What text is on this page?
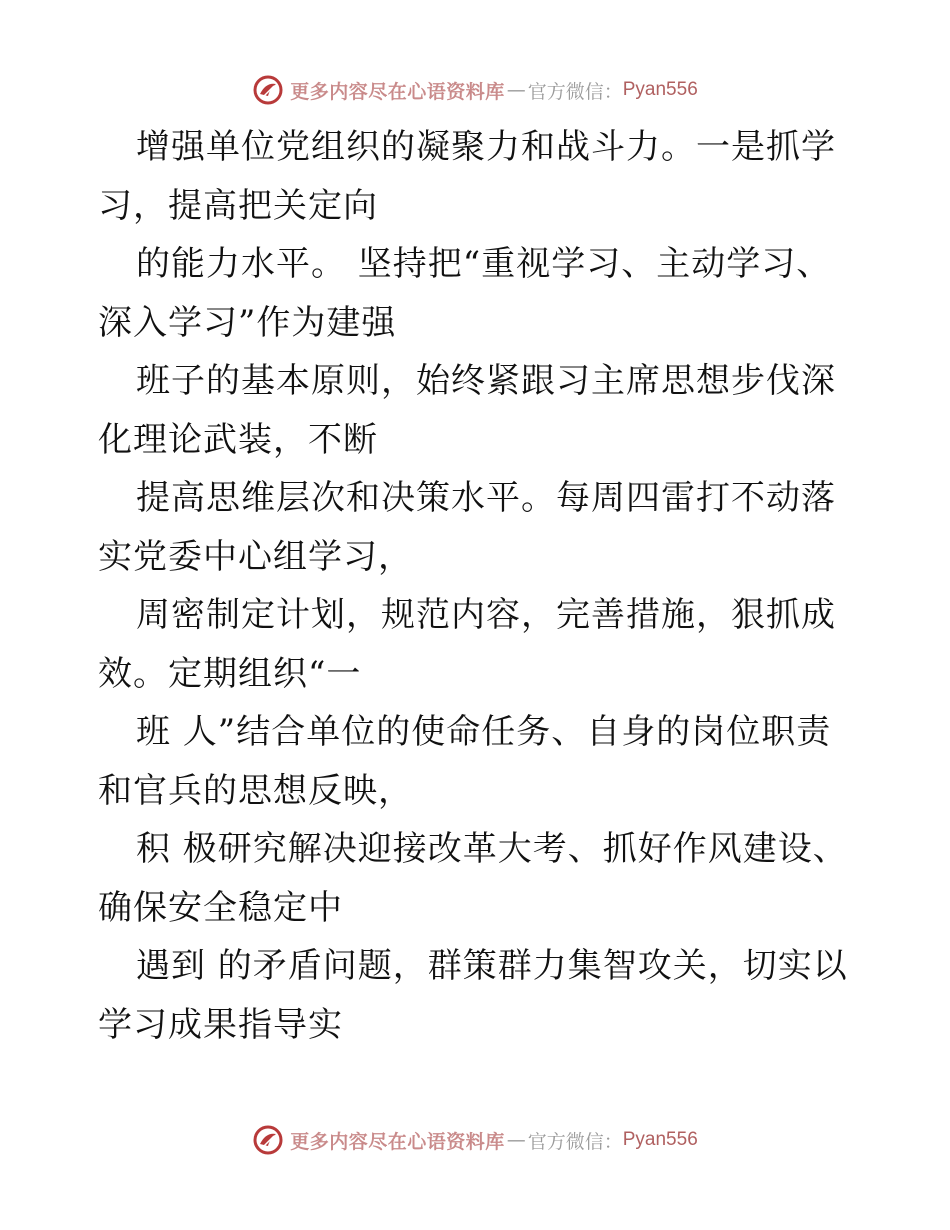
更多内容尽在心语资料库 — 官方微信： Pyan556

增强单位党组织的凝聚力和战斗力。一是抓学习，提高把关定向

的能力水平。 坚持把“重视学习、主动学习、深入学习”作为建强

班子的基本原则，始终紧跟习主席思想步伐深化理论武装，不断

提高思维层次和决策水平。每周四雷打不动落实党委中心组学习，

周密制定计划，规范内容，完善措施，狠抓成效。定期组织“一

班 人”结合单位的使命任务、自身的岗位职责和官兵的思想反映，

积 极研究解决迎接改革大考、抓好作风建设、确保安全稳定中

遇到 的矛盾问题，群策群力集智攻关，切实以学习成果指导实

更多内容尽在心语资料库 — 官方微信： Pyan556
